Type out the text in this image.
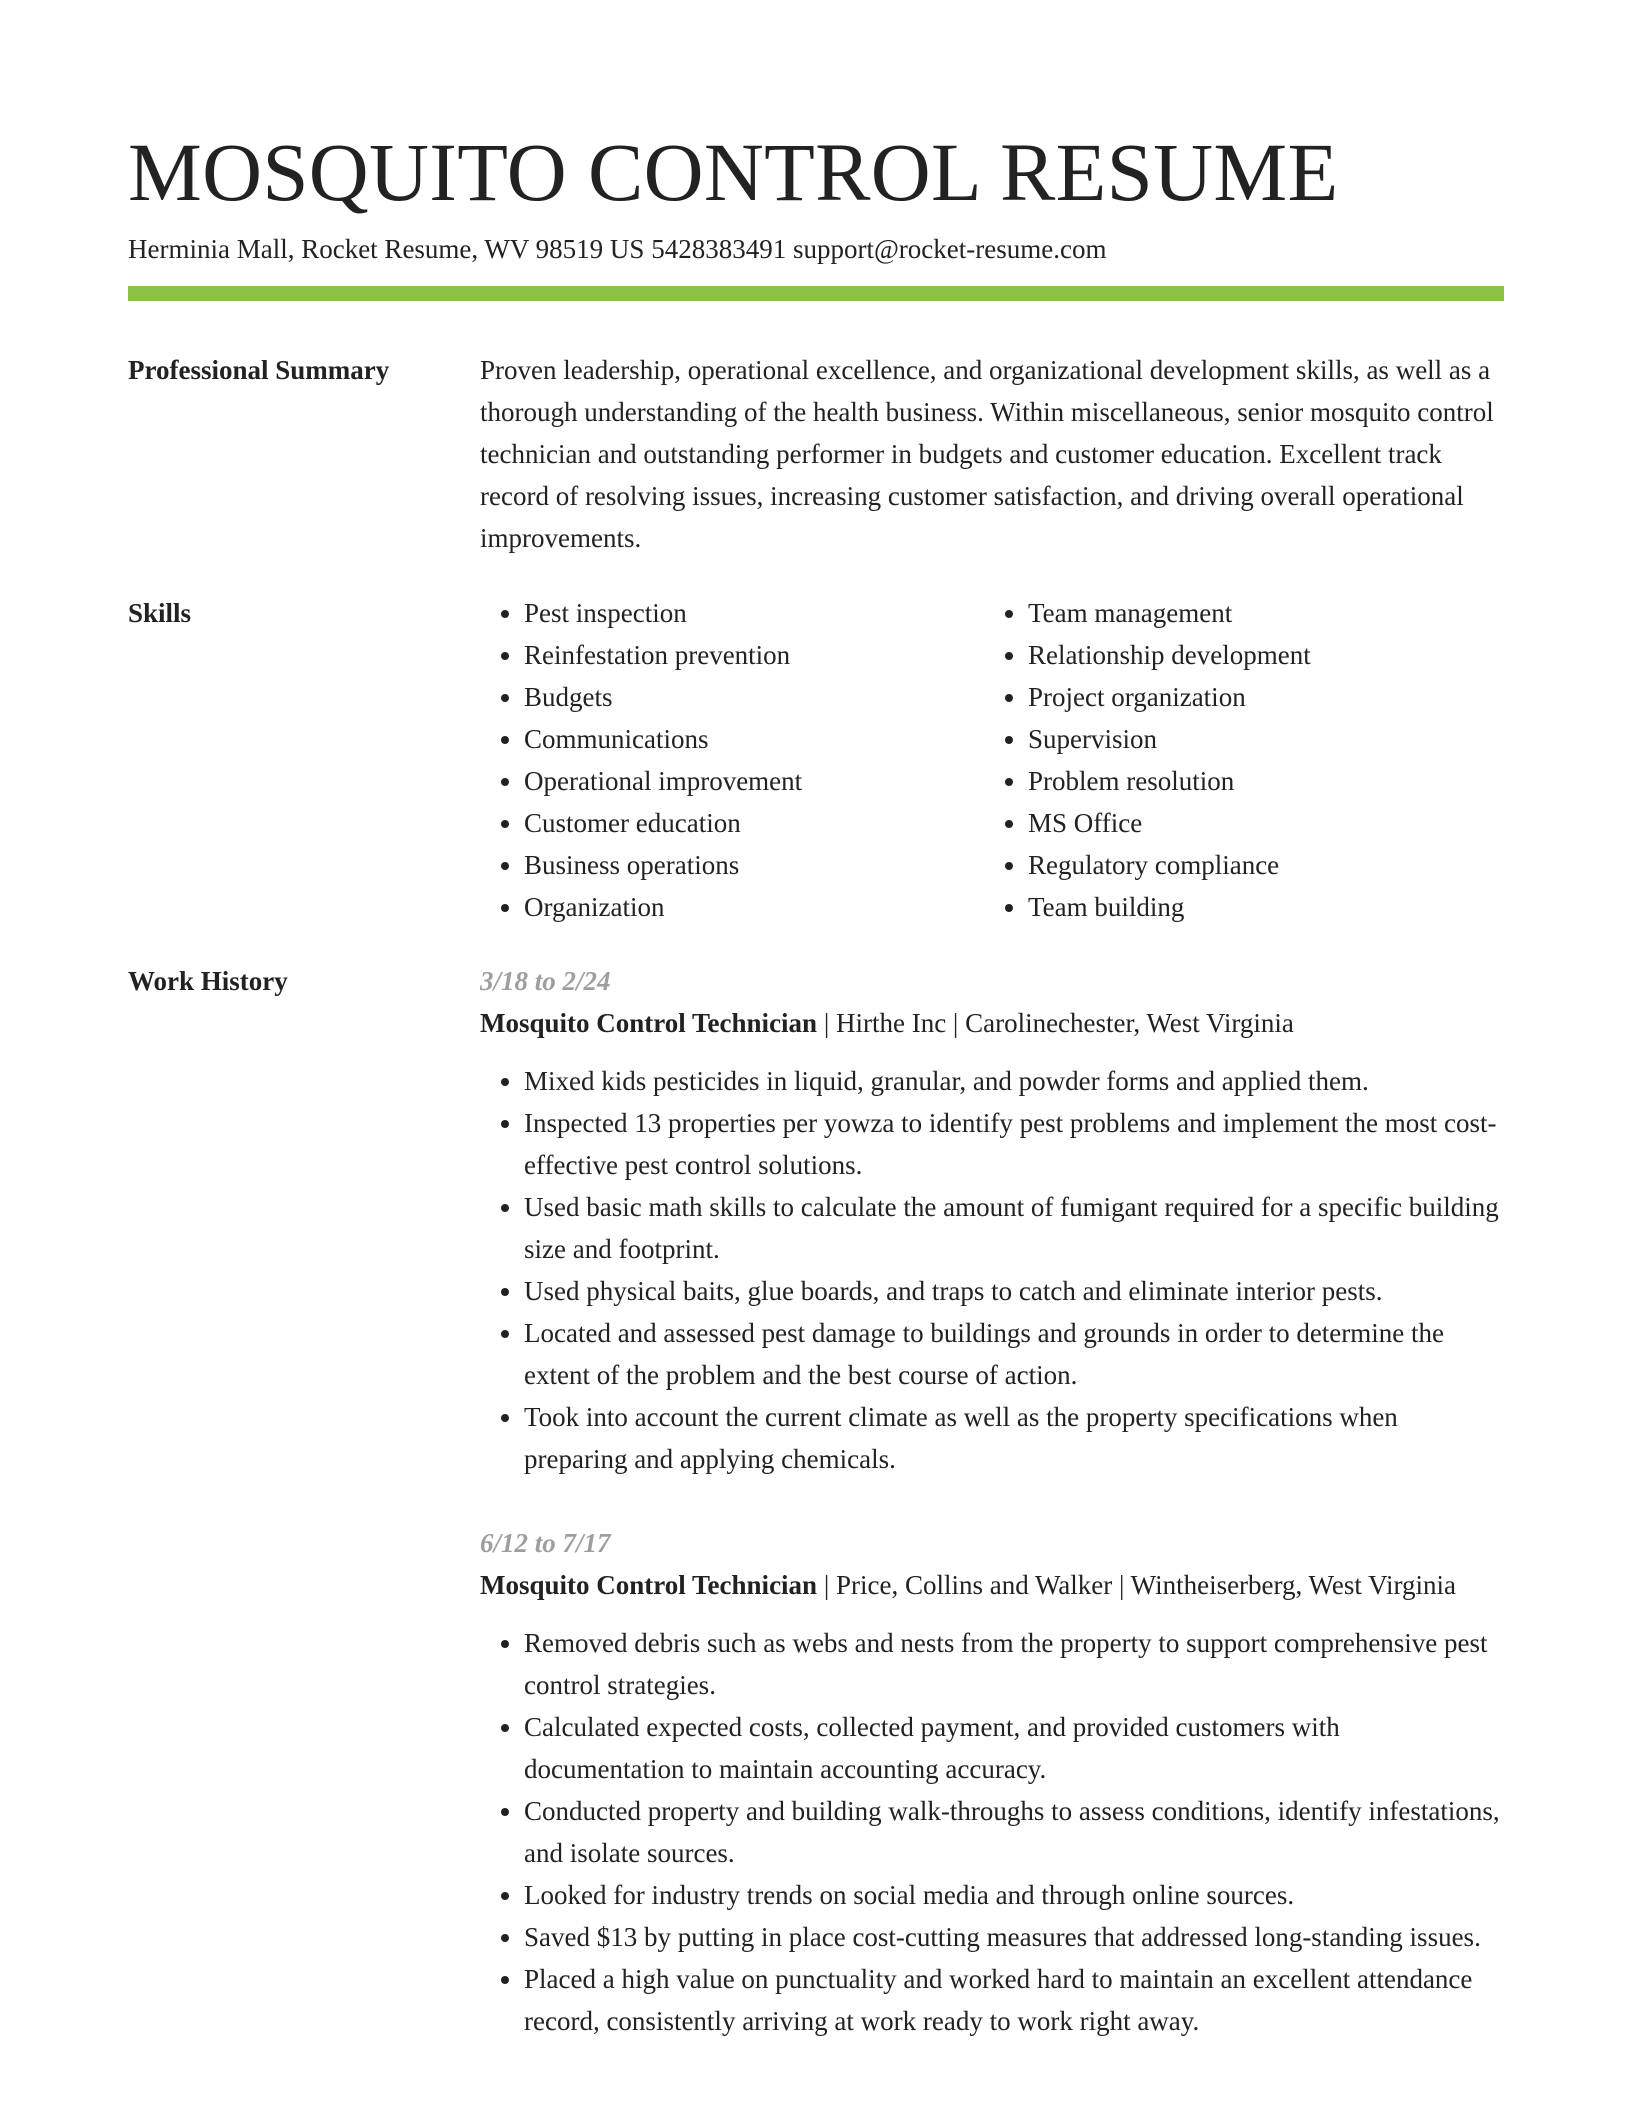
MOSQUITO CONTROL RESUME
Herminia Mall, Rocket Resume, WV 98519 US 5428383491 support@rocket-resume.com
Professional Summary	Proven leadership, operational excellence, and organizational development skills, as well as a thorough understanding of the health business. Within miscellaneous, senior mosquito control technician and outstanding performer in budgets and customer education. Excellent track record of resolving issues, increasing customer satisfaction, and driving overall operational improvements.

Skills
•	Pest inspection
• Reinfestation prevention
• Budgets
• Communications
• Operational improvement
• Customer education
• Business operations
• Organization
• Team management
• Relationship development
• Project organization
• Supervision
• Problem resolution
• MS Office
• Regulatory compliance
• Team building
Work History	3/18 to 2/24
Mosquito Control Technician | Hirthe Inc | Carolinechester, West Virginia
• Mixed kids pesticides in liquid, granular, and powder forms and applied them.
• Inspected 13 properties per yowza to identify pest problems and implement the most cost-effective pest control solutions.
• Used basic math skills to calculate the amount of fumigant required for a specific building size and footprint.
• Used physical baits, glue boards, and traps to catch and eliminate interior pests.
• Located and assessed pest damage to buildings and grounds in order to determine the extent of the problem and the best course of action.
• Took into account the current climate as well as the property specifications when preparing and applying chemicals.
6/12 to 7/17
Mosquito Control Technician | Price, Collins and Walker | Wintheiserberg, West Virginia
• Removed debris such as webs and nests from the property to support comprehensive pest control strategies.
• Calculated expected costs, collected payment, and provided customers with documentation to maintain accounting accuracy.
• Conducted property and building walk-throughs to assess conditions, identify infestations, and isolate sources.
• Looked for industry trends on social media and through online sources.
• Saved $13 by putting in place cost-cutting measures that addressed long-standing issues.
• Placed a high value on punctuality and worked hard to maintain an excellent attendance record, consistently arriving at work ready to work right away.
